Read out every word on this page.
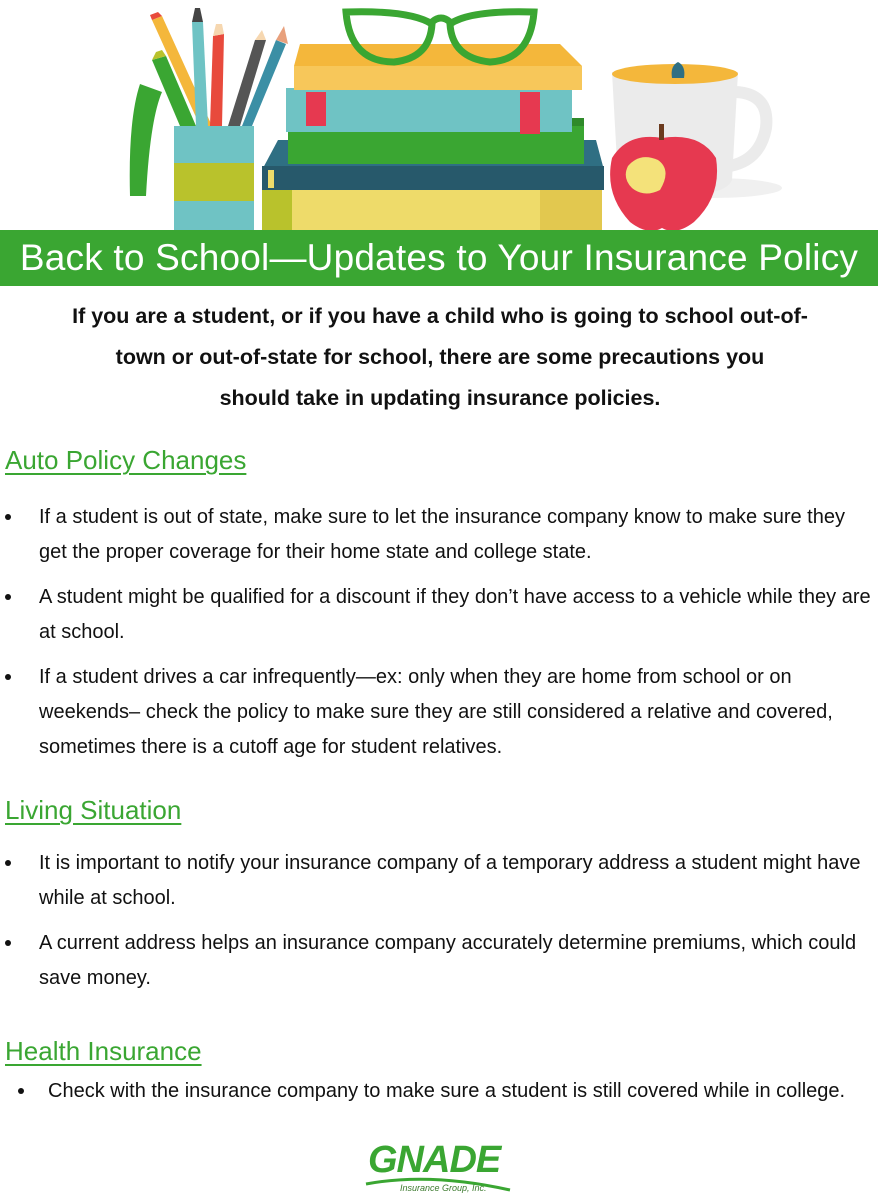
Back to School—Updates to Your Insurance Policy
If you are a student, or if you have a child who is going to school out-of-
town or out-of-state for school, there are some precautions you
should take in updating insurance policies.
Auto Policy Changes
If a student is out of state, make sure to let the insurance company know to make sure they get the proper coverage for their home state and college state.
A student might be qualified for a discount if they don’t have access to a vehicle while they are at school.
If a student drives a car infrequently—ex: only when they are home from school or on weekends– check the policy to make sure they are still considered a relative and covered, sometimes there is a cutoff age for student relatives.
Living Situation
It is important to notify your insurance company of a temporary address a student might have while at school.
A current address helps an insurance company accurately determine premiums, which could save money.
Health Insurance
Check with the insurance company to make sure a student is still covered while in college.
GNADE
Insurance Group, Inc.
